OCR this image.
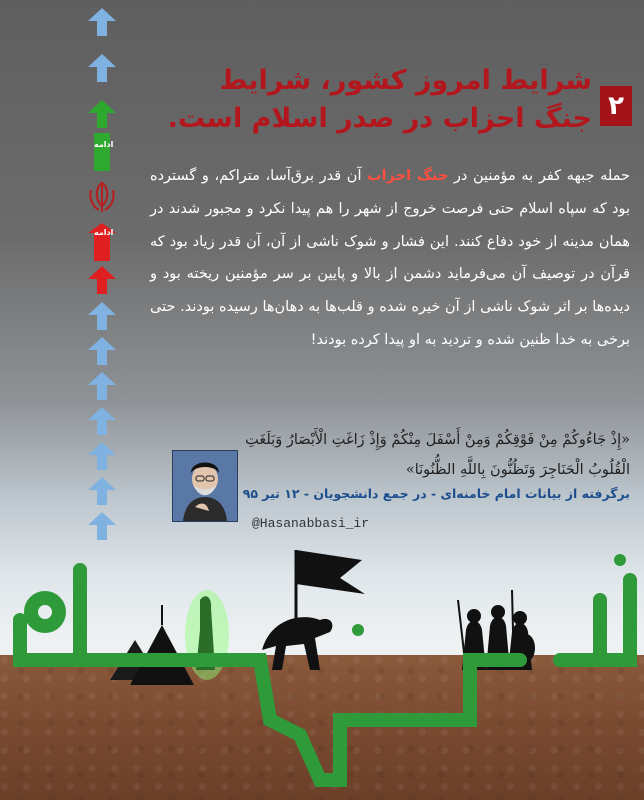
ادامه
ادامه
۲
شرایط امروز کشور، شرایط
جنگ احزاب در صدر اسلام است.
حمله جبهه کفر به مؤمنین در جنگ احزاب آن قدر برق‌آسا، متراکم، و گسترده بود که سپاه اسلام حتی فرصت خروج از شهر را هم پیدا نکرد و مجبور شدند در همان مدینه از خود دفاع کنند. این فشار و شوک ناشی از آن، آن قدر زیاد بود که قرآن در توصیف آن می‌فرماید دشمن از بالا و پایین بر سر مؤمنین ریخته بود و دیده‌ها بر اثر شوک ناشی از آن خیره شده و قلب‌ها به دهان‌ها رسیده بودند. حتی برخی به خدا ظنین شده و تردید به او پیدا کرده بودند!
«إِذْ جَاءُوكُمْ مِنْ فَوْقِكُمْ وَمِنْ أَسْفَلَ مِنْكُمْ وَإِذْ زَاغَتِ الْأَبْصَارُ وَبَلَغَتِ الْقُلُوبُ الْحَنَاجِرَ وَتَظُنُّونَ بِاللَّهِ الظُّنُونَا»
برگرفته از بیانات امام خامنه‌ای - در جمع دانشجویان - ۱۲ تیر ۹۵
@Hasanabbasi_ir
